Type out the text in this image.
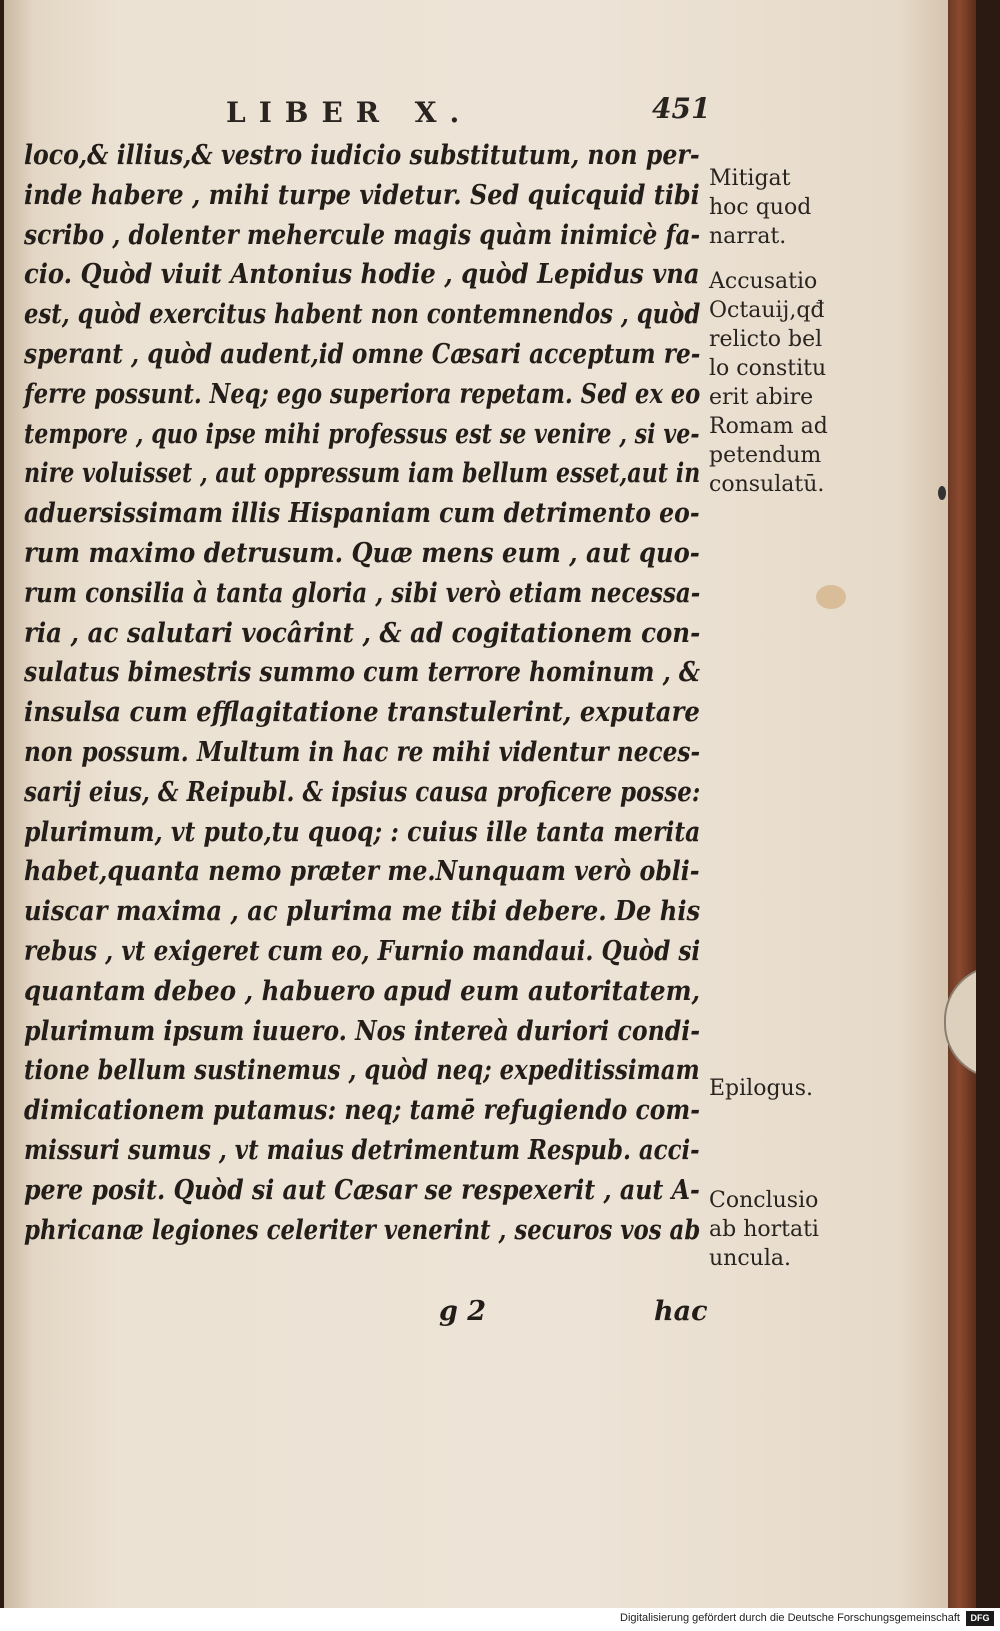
LIBER X.	451
loco,& illius,& vestro iudicio substitutum, non per-
inde habere , mihi turpe videtur. Sed quicquid tibi
scribo , dolenter mehercule magis quàm inimicè fa-
cio. Quòd viuit Antonius hodie , quòd Lepidus vna
est, quòd exercitus habent non contemnendos , quòd
sperant , quòd audent,id omne Cæsari acceptum re-
ferre possunt. Neq; ego superiora repetam. Sed ex eo
tempore , quo ipse mihi professus est se venire , si ve-
nire voluisset , aut oppressum iam bellum esset,aut in
aduersissimam illis Hispaniam cum detrimento eo-
rum maximo detrusum. Quæ mens eum , aut quo-
rum consilia à tanta gloria , sibi verò etiam necessa-
ria , ac salutari vocârint , & ad cogitationem con-
sulatus bimestris summo cum terrore hominum , &
insulsa cum efflagitatione transtulerint, exputare
non possum. Multum in hac re mihi videntur neces-
sarij eius, & Reipubl. & ipsius causa proficere posse:
plurimum, vt puto,tu quoq; : cuius ille tanta merita
habet,quanta nemo præter me.Nunquam verò obli-
uiscar maxima , ac plurima me tibi debere. De his
rebus , vt exigeret cum eo, Furnio mandaui. Quòd si
quantam debeo , habuero apud eum autoritatem,
plurimum ipsum iuuero. Nos intereà duriori condi-
tione bellum sustinemus , quòd neq; expeditissimam
dimicationem putamus: neq; tamē refugiendo com-
missuri sumus , vt maius detrimentum Respub. acci-
pere posit. Quòd si aut Cæsar se respexerit , aut A-
phricanæ legiones celeriter venerint , securos vos ab
Mitigat
hoc quod
narrat.
Accusatio
Octauij,qđ
relicto bel
lo constitu
erit abire
Romam ad
petendum
consulatū.
Epilogus.
Conclusio
ab hortati
uncula.
g 2	hac
Digitalisierung gefördert durch die Deutsche Forschungsgemeinschaft	DFG
